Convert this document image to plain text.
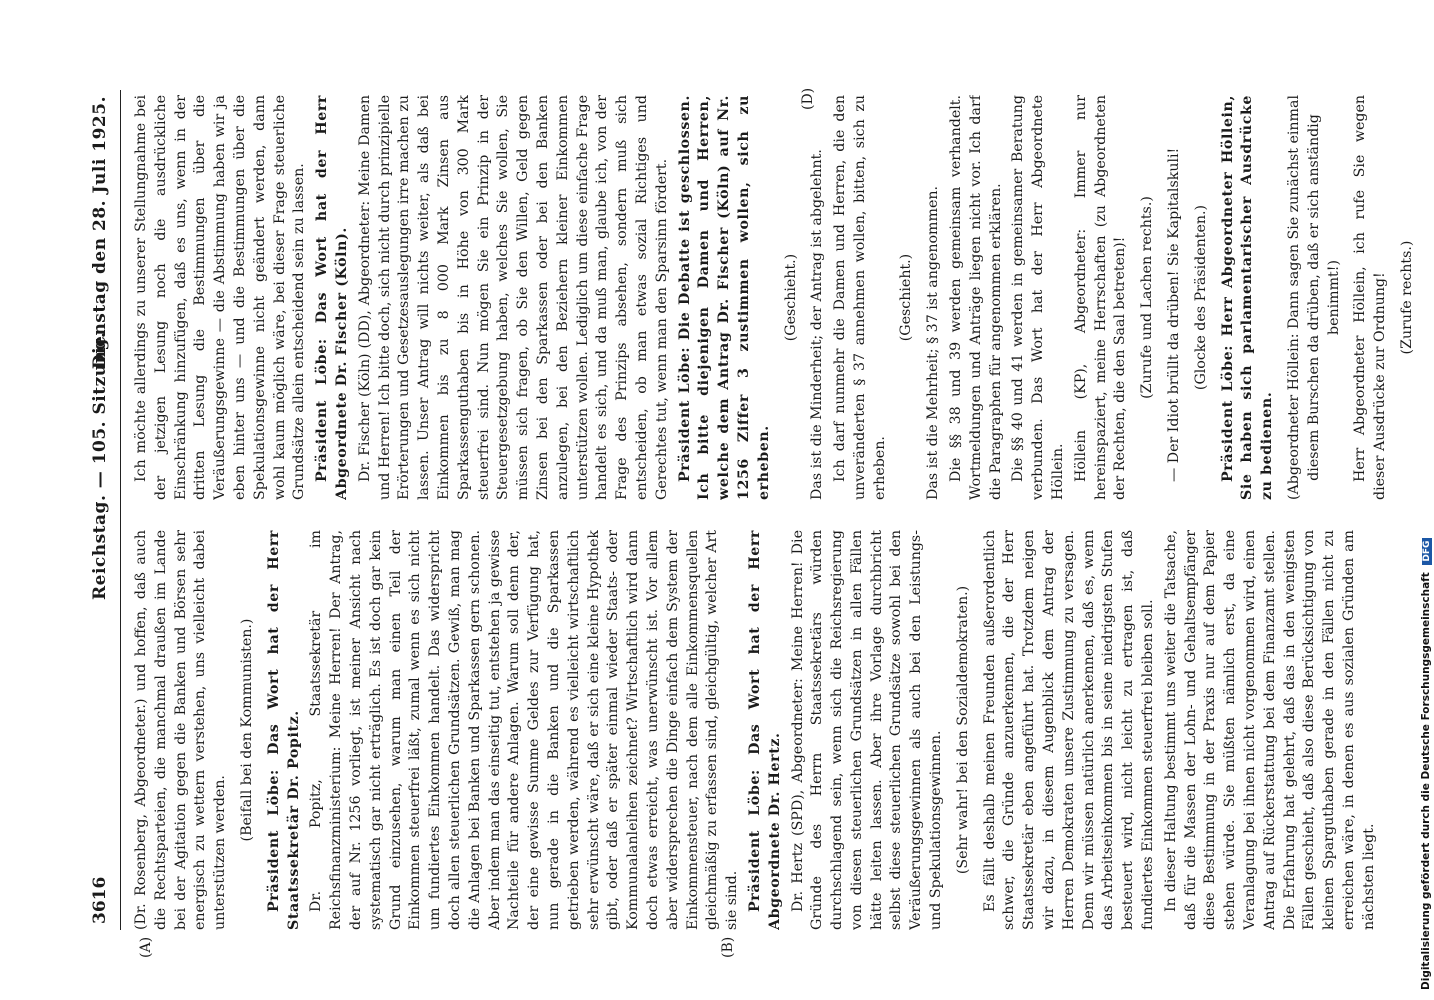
3616
Reichstag. — 105. Sitzung.
Dienstag den 28. Juli 1925.
(A)	(B)

(Dr. Rosenberg, Abgeordneter.) und hoffen, daß auch die Rechtsparteien, die manchmal draußen im Lande bei der Agitation gegen die Banken und Börsen sehr energisch zu wettern verstehen, uns vielleicht dabei unterstützen werden.

(Beifall bei den Kommunisten.) Präsident Löbe: Das Wort hat der Herr Staatssekretär Dr. Popitz. Dr. Popitz, Staatssekretär im Reichsfinanzministerium: Meine Herren! Der Antrag, der auf Nr. 1256 vorliegt, ist meiner Ansicht nach systematisch gar nicht erträglich. Es ist doch gar kein Grund einzusehen, warum man einen Teil der Einkommen steuerfrei läßt, zumal wenn es sich nicht um fundiertes Einkommen handelt. Das widerspricht doch allen steuerlichen Grundsätzen. Gewiß, man mag die Anlagen bei Banken und Sparkassen gern schonen. Aber indem man das einseitig tut, entstehen ja gewisse Nachteile für andere Anlagen. Warum soll denn der, der eine gewisse Summe Geldes zur Verfügung hat, nun gerade in die Banken und die Sparkassen getrieben werden, während es vielleicht wirtschaftlich sehr erwünscht wäre, daß er sich eine kleine Hypothek gibt, oder daß er später einmal wieder Staats- oder Kommunalanleihen zeichnet? Wirtschaftlich wird dann doch etwas erreicht, was unerwünscht ist. Vor allem aber widersprechen die Dinge einfach dem System der Einkommensteuer, nach dem alle Einkommensquellen gleichmäßig zu erfassen sind, gleichgültig, welcher Art sie sind. Präsident Löbe: Das Wort hat der Herr Abgeordnete Dr. Hertz. Dr. Hertz (SPD), Abgeordneter: Meine Herren! Die Gründe des Herrn Staatssekretärs würden durchschlagend sein, wenn sich die Reichsregierung von diesen steuerlichen Grundsätzen in allen Fällen hätte leiten lassen. Aber ihre Vorlage durchbricht selbst diese steuerlichen Grundsätze sowohl bei den Veräußerungsgewinnen als auch bei den Leistungs- und Spekulationsgewinnen. (Sehr wahr! bei den Sozialdemokraten.) Es fällt deshalb meinen Freunden außerordentlich schwer, die Gründe anzuerkennen, die der Herr Staatssekretär eben angeführt hat. Trotzdem neigen wir dazu, in diesem Augenblick dem Antrag der Herren Demokraten unsere Zustimmung zu versagen. Denn wir müssen natürlich anerkennen, daß es, wenn das Arbeitseinkommen bis in seine niedrigsten Stufen besteuert wird, nicht leicht zu ertragen ist, daß fundiertes Einkommen steuerfrei bleiben soll. In dieser Haltung bestimmt uns weiter die Tatsache, daß für die Massen der Lohn- und Gehaltsempfänger diese Bestimmung in der Praxis nur auf dem Papier stehen würde. Sie müßten nämlich erst, da eine Veranlagung bei ihnen nicht vorgenommen wird, einen Antrag auf Rückerstattung bei dem Finanzamt stellen. Die Erfahrung hat gelehrt, daß das in den wenigsten Fällen geschieht, daß also diese Berücksichtigung von kleinen Sparguthaben gerade in den Fällen nicht zu erreichen wäre, in denen es aus sozialen Gründen am nächsten liegt.

Ich möchte allerdings zu unserer Stellungnahme bei der jetzigen Lesung noch die ausdrückliche Einschränkung hinzufügen, daß es uns, wenn in der dritten Lesung die Bestimmungen über die Veräußerungsgewinne — die Abstimmung haben wir ja eben hinter uns — und die Bestimmungen über die Spekulationsgewinne nicht geändert werden, dann wohl kaum möglich wäre, bei dieser Frage steuerliche Grundsätze allein entscheidend sein zu lassen. Präsident Löbe: Das Wort hat der Herr Abgeordnete Dr. Fischer (Köln). Dr. Fischer (Köln) (DD), Abgeordneter: Meine Damen und Herren! Ich bitte doch, sich nicht durch prinzipielle Erörterungen und Gesetzesauslegungen irre machen zu lassen. Unser Antrag will nichts weiter, als daß bei Einkommen bis zu 8 000 Mark Zinsen aus Sparkassenguthaben bis in Höhe von 300 Mark steuerfrei sind. Nun mögen Sie ein Prinzip in der Steuergesetzgebung haben, welches Sie wollen, Sie müssen sich fragen, ob Sie den Willen, Geld gegen Zinsen bei den Sparkassen oder bei den Banken anzulegen, bei den Beziehern kleiner Einkommen unterstützen wollen. Lediglich um diese einfache Frage handelt es sich, und da muß man, glaube ich, von der Frage des Prinzips absehen, sondern muß sich entscheiden, ob man etwas sozial Richtiges und Gerechtes tut, wenn man den Sparsinn fördert. Präsident Löbe: Die Debatte ist geschlossen. Ich bitte diejenigen Damen und Herren, welche dem Antrag Dr. Fischer (Köln) auf Nr. 1256 Ziffer 3 zustimmen wollen, sich zu erheben.

(Geschieht.) Das ist die Minderheit; der Antrag ist abgelehnt. Ich darf nunmehr die Damen und Herren, die den unveränderten § 37 annehmen wollen, bitten, sich zu erheben.

(Geschieht.) Das ist die Mehrheit; § 37 ist angenommen. Die §§ 38 und 39 werden gemeinsam verhandelt. Wortmeldungen und Anträge liegen nicht vor. Ich darf die Paragraphen für angenommen erklären. Die §§ 40 und 41 werden in gemeinsamer Beratung verbunden. Das Wort hat der Herr Abgeordnete Höllein. Höllein (KP), Abgeordneter: Immer nur hereinspaziert, meine Herrschaften (zu Abgeordneten der Rechten, die den Saal betreten)! (Zurufe und Lachen rechts.) — Der Idiot brüllt da drüben! Sie Kapitalskuli! (Glocke des Präsidenten.) Präsident Löbe: Herr Abgeordneter Höllein, Sie haben sich parlamentarischer Ausdrücke zu bedienen. (Abgeordneter Höllein: Dann sagen Sie zunächst einmal diesem Burschen da drüben, daß er sich anständig benimmt!) Herr Abgeordneter Höllein, ich rufe Sie wegen dieser Ausdrücke zur Ordnung! (Zurufe rechts.)

(D)
Digitalisierung gefördert durch die Deutsche Forschungsgemeinschaft DFG
